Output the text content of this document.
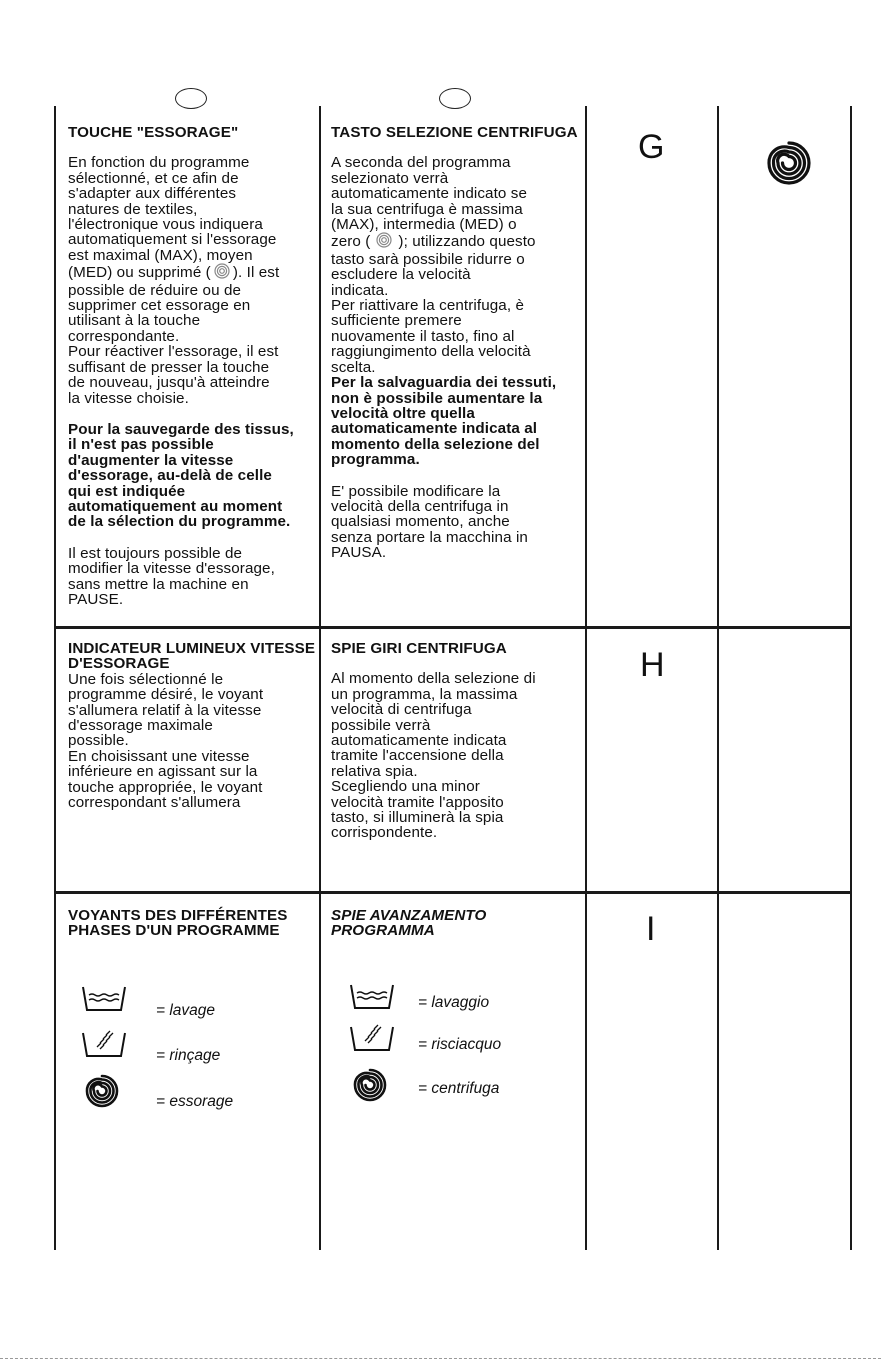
TOUCHE "ESSORAGE"

En fonction du programme

sélectionné, et ce afin de

s'adapter aux différentes

natures de textiles,

l'électronique vous indiquera

automatiquement si l'essorage

est maximal (MAX), moyen

(MED) ou supprimé ( ). Il est

possible de réduire ou de

supprimer cet essorage en

utilisant à la touche

correspondante.

Pour réactiver l'essorage, il est

suffisant de presser la touche

de nouveau, jusqu'à atteindre

la vitesse choisie.

Pour la sauvegarde des tissus,

il n'est pas possible

d'augmenter la vitesse

d'essorage, au-delà de celle

qui est indiquée

automatiquement au moment

de la sélection du programme.

Il est toujours possible de

modifier la vitesse d'essorage,

sans mettre la machine en

PAUSE.

TASTO SELEZIONE CENTRIFUGA

A seconda del programma

selezionato verrà

automaticamente indicato se

la sua centrifuga è massima

(MAX), intermedia (MED) o

zero ( ); utilizzando questo

tasto sarà possibile ridurre o

escludere la velocità

indicata.

Per riattivare la centrifuga, è

sufficiente premere

nuovamente il tasto, fino al

raggiungimento della velocità

scelta.

Per la salvaguardia dei tessuti,

non è possibile aumentare la

velocità oltre quella

automaticamente indicata al

momento della selezione del

programma.

E' possibile modificare la

velocità della centrifuga in

qualsiasi momento, anche

senza portare la macchina in

PAUSA.

G

INDICATEUR LUMINEUX VITESSE

D'ESSORAGE

Une fois sélectionné le

programme désiré, le voyant

s'allumera relatif à la vitesse

d'essorage maximale

possible.

En choisissant une vitesse

inférieure en agissant sur la

touche appropriée, le voyant

correspondant s'allumera

SPIE GIRI CENTRIFUGA

Al momento della selezione di

un programma, la massima

velocità di centrifuga

possibile verrà

automaticamente indicata

tramite l'accensione della

relativa spia.

Scegliendo una minor

velocità tramite l'apposito

tasto, si illuminerà la spia

corrispondente.

H

VOYANTS DES DIFFÉRENTES

PHASES D'UN PROGRAMME

= lavage
= rinçage
= essorage

SPIE AVANZAMENTO

PROGRAMMA

= lavaggio
= risciacquo
= centrifuga
I
